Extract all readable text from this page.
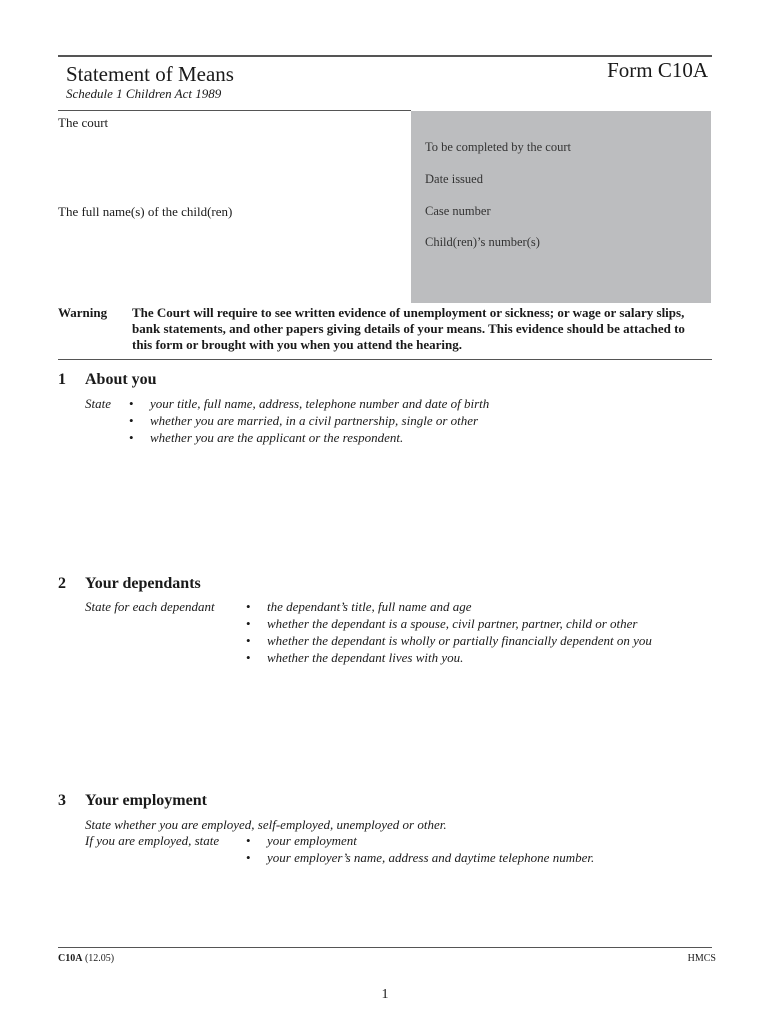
Statement of Means	Form C10A
Schedule 1 Children Act 1989
The court
The full name(s) of the child(ren)
To be completed by the court
Date issued
Case number
Child(ren)’s number(s)
Warning The Court will require to see written evidence of unemployment or sickness; or wage or salary slips, bank statements, and other papers giving details of your means. This evidence should be attached to this form or brought with you when you attend the hearing.
1 About you
State • your title, full name, address, telephone number and date of birth
• whether you are married, in a civil partnership, single or other
• whether you are the applicant or the respondent.
2 Your dependants
State for each dependant • the dependant’s title, full name and age
• whether the dependant is a spouse, civil partner, partner, child or other
• whether the dependant is wholly or partially financially dependent on you
• whether the dependant lives with you.
3 Your employment
State whether you are employed, self-employed, unemployed or other.
If you are employed, state • your employment
• your employer’s name, address and daytime telephone number.
C10A (12.05)	HMCS
1
